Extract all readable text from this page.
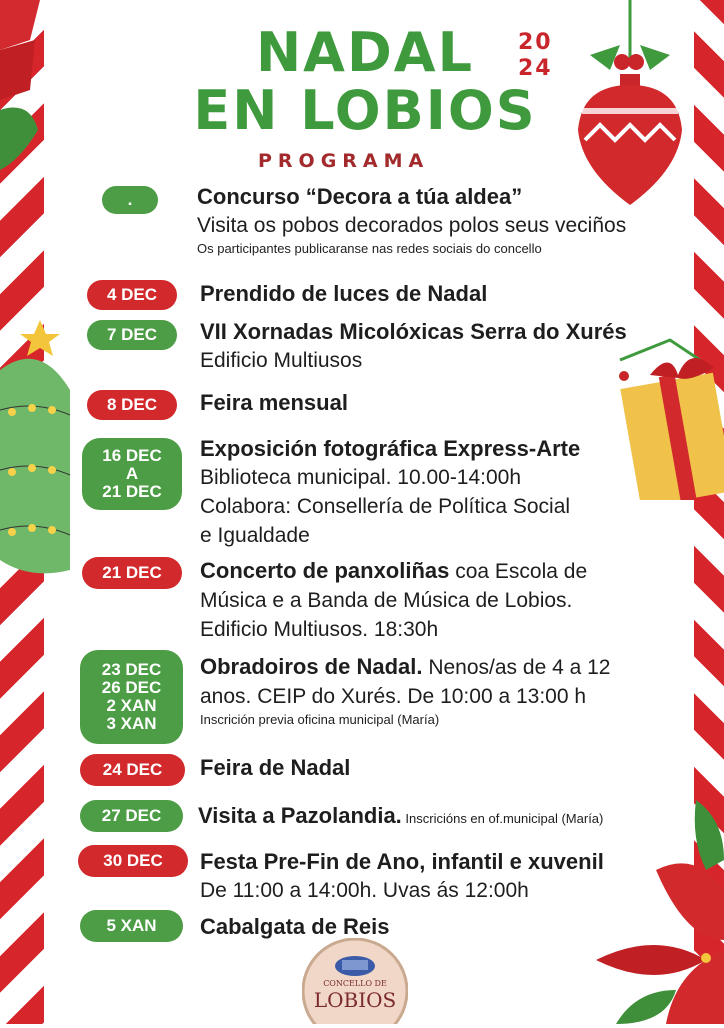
NADAL
EN LOBIOS
20
24
PROGRAMA
.	Concurso “Decora a túa aldea”
Visita os pobos decorados polos seus veciños
Os participantes publicaranse nas redes sociais do concello
4 DEC Prendido de luces de Nadal
7 DEC VII Xornadas Micolóxicas Serra do Xurés
Edificio Multiusos
8 DEC Feira mensual
16 DEC
A
21 DEC
Exposición fotográfica Express-Arte
Biblioteca municipal. 10.00-14:00h
Colabora: Consellería de Política Social
e Igualdade
21 DEC Concerto de panxoliñas coa Escola de
Música e a Banda de Música de Lobios.
Edificio Multiusos. 18:30h
23 DEC
26 DEC
2 XAN
3 XAN
Obradoiros de Nadal. Nenos/as de 4 a 12
anos. CEIP do Xurés. De 10:00 a 13:00 h
Inscrición previa oficina municipal (María)
24 DEC Feira de Nadal
27 DEC Visita a Pazolandia. Inscricións en of.municipal (María)
30 DEC Festa Pre-Fin de Ano, infantil e xuvenil
De 11:00 a 14:00h. Uvas ás 12:00h
5 XAN Cabalgata de Reis
CONCELLO DE
LOBIOS
